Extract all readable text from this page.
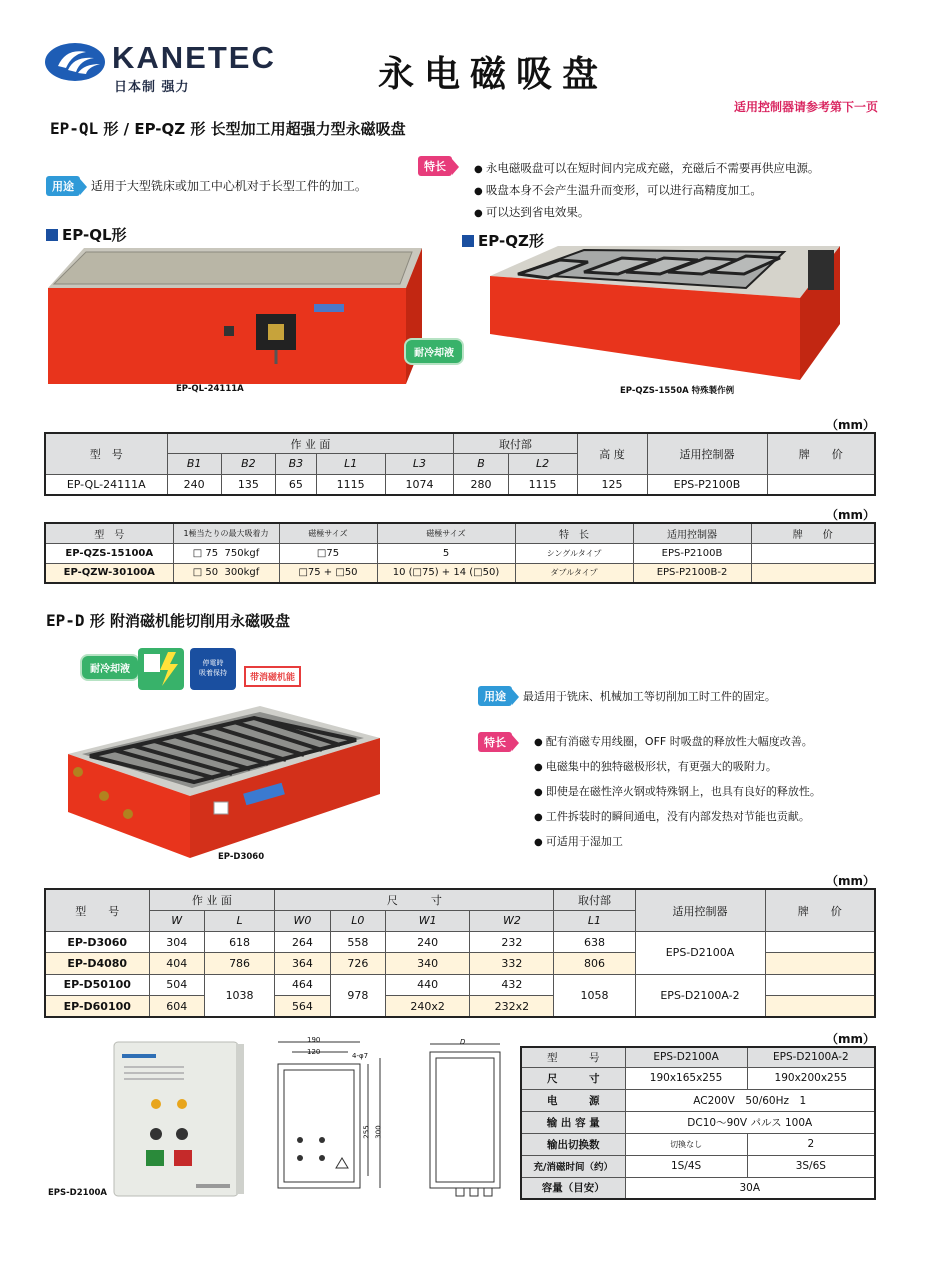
KANETEC
日本制 强力	永电磁吸盘
适用控制器请参考第下一页
EP-QL 形 / EP-QZ 形 长型加工用超强力型永磁吸盘
用途 适用于大型铣床或加工中心机对于长型工件的加工。
特长	● 永电磁吸盘可以在短时间内完成充磁，充磁后不需要再供应电源。
● 吸盘本身不会产生温升而变形，可以进行高精度加工。
● 可以达到省电效果。
EP-QL形	EP-QZ形
耐冷却液
EP-QL-24111A	EP-QZS-1550A 特殊製作例
（mm）
型　号	作 业 面					取付部		高 度	适用控制器	牌　　价
	B1	B2	B3	L1	L3	B	L2			
EP-QL-24111A	240	135	65	1115	1074	280	1115	125	EPS-P2100B	
（mm）
型　号	1極当たりの最大吸着力	磁極サイズ	磁極サイズ	特　长	适用控制器	牌　　价
EP-QZS-15100A	□ 75 750kgf	□75	5	シングルタイプ	EPS-P2100B	
EP-QZW-30100A	□ 50 300kgf	□75 + □50	10 (□75) + 14 (□50)	ダブルタイプ	EPS-P2100B-2	
EP-D 形 附消磁机能切削用永磁吸盘
耐冷却液
停電時
吸着保持	带消磁机能
EP-D3060
用途 最适用于铣床、机械加工等切削加工时工件的固定。
特长	● 配有消磁专用线圈，OFF 时吸盘的释放性大幅度改善。
● 电磁集中的独特磁极形状，有更强大的吸附力。
● 即使是在磁性淬火钢或特殊钢上，也具有良好的释放性。
● 工件拆装时的瞬间通电，没有内部发热对节能也贡献。
● 可适用于湿加工
（mm）
型　　号	作 业 面		尺　　　寸				取付部	适用控制器	牌　　价
	W	L	W0	L0	W1	W2	L1		
EP-D3060	304	618	264	558	240	232	638	EPS-D2100A	
EP-D4080	404	786	364	726	340	332	806		
EP-D50100	504	1038	464	978	440	432	1058	EPS-D2100A-2	
EP-D60100	604		564		240x2	232x2			
EPS-D2100A
190
120	4-φ7
255 300
D	（mm）
型　　　号	EPS-D2100A	EPS-D2100A-2
尺　　　寸	190x165x255	190x200x255
电　　　源	AC200V　50/60Hz　1	
输 出 容 量	DC10～90V パルス 100A	
输出切换数	切換なし	2
充/消磁时间（约）	1S/4S	3S/6S
容量（目安）	30A	
